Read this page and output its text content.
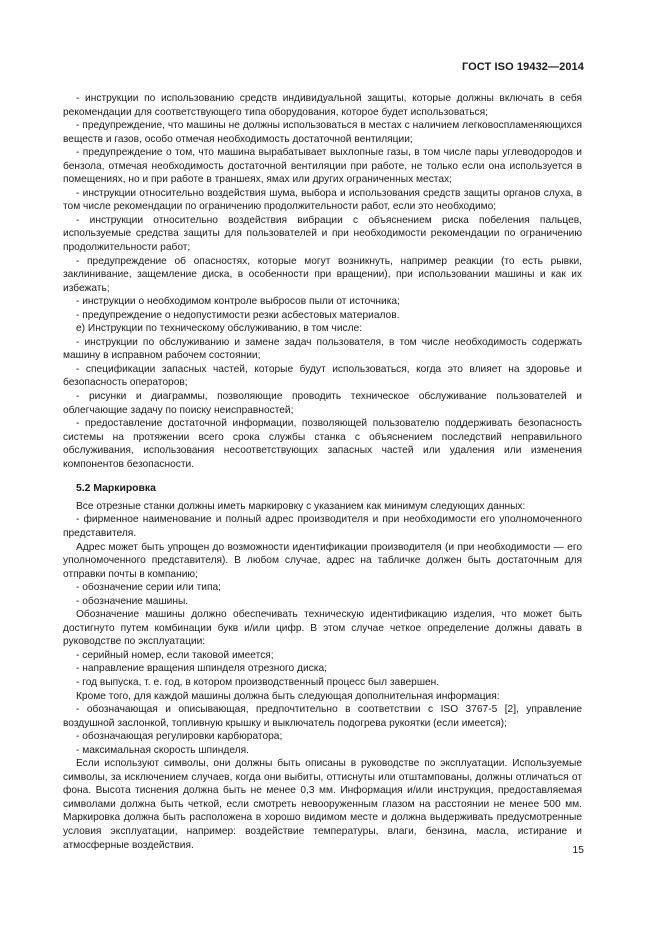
ГОСТ ISO 19432—2014

- инструкции по использованию средств индивидуальной защиты, которые должны включать в себя рекомендации для соответствующего типа оборудования, которое будет использоваться;

- предупреждение, что машины не должны использоваться в местах с наличием легковоспламеняющихся веществ и газов, особо отмечая необходимость достаточной вентиляции;

- предупреждение о том, что машина вырабатывает выхлопные газы, в том числе пары углеводородов и бензола, отмечая необходимость достаточной вентиляции при работе, не только если она используется в помещениях, но и при работе в траншеях, ямах или других ограниченных местах;

- инструкции относительно воздействия шума, выбора и использования средств защиты органов слуха, в том числе рекомендации по ограничению продолжительности работ, если это необходимо;

- инструкции относительно воздействия вибрации с объяснением риска побеления пальцев, используемые средства защиты для пользователей и при необходимости рекомендации по ограничению продолжительности работ;

- предупреждение об опасностях, которые могут возникнуть, например реакции (то есть рывки, заклинивание, защемление диска, в особенности при вращении), при использовании машины и как их избежать;

- инструкции о необходимом контроле выбросов пыли от источника;

- предупреждение о недопустимости резки асбестовых материалов.

e) Инструкции по техническому обслуживанию, в том числе:

- инструкции по обслуживанию и замене задач пользователя, в том числе необходимость содержать машину в исправном рабочем состоянии;

- спецификации запасных частей, которые будут использоваться, когда это влияет на здоровье и безопасность операторов;

- рисунки и диаграммы, позволяющие проводить техническое обслуживание пользователей и облегчающие задачу по поиску неисправностей;

- предоставление достаточной информации, позволяющей пользователю поддерживать безопасность системы на протяжении всего срока службы станка с объяснением последствий неправильного обслуживания, использования несоответствующих запасных частей или удаления или изменения компонентов безопасности.

5.2 Маркировка

Все отрезные станки должны иметь маркировку с указанием как минимум следующих данных:

- фирменное наименование и полный адрес производителя и при необходимости его уполномоченного представителя.

Адрес может быть упрощен до возможности идентификации производителя (и при необходимости — его уполномоченного представителя). В любом случае, адрес на табличке должен быть достаточным для отправки почты в компанию;

- обозначение серии или типа;

- обозначение машины.

Обозначение машины должно обеспечивать техническую идентификацию изделия, что может быть достигнуто путем комбинации букв и/или цифр. В этом случае четкое определение должны давать в руководстве по эксплуатации:

- серийный номер, если таковой имеется;

- направление вращения шпинделя отрезного диска;

- год выпуска, т. е. год, в котором производственный процесс был завершен.

Кроме того, для каждой машины должна быть следующая дополнительная информация:

- обозначающая и описывающая, предпочтительно в соответствии с ISO 3767-5 [2], управление воздушной заслонкой, топливную крышку и выключатель подогрева рукоятки (если имеется);

- обозначающая регулировки карбюратора;

- максимальная скорость шпинделя.

Если используют символы, они должны быть описаны в руководстве по эксплуатации. Используемые символы, за исключением случаев, когда они выбиты, оттиснуты или отштампованы, должны отличаться от фона. Высота тиснения должна быть не менее 0,3 мм. Информация и/или инструкция, предоставляемая символами должна быть четкой, если смотреть невооруженным глазом на расстоянии не менее 500 мм. Маркировка должна быть расположена в хорошо видимом месте и должна выдерживать предусмотренные условия эксплуатации, например: воздействие температуры, влаги, бензина, масла, истирание и атмосферные воздействия.	15
